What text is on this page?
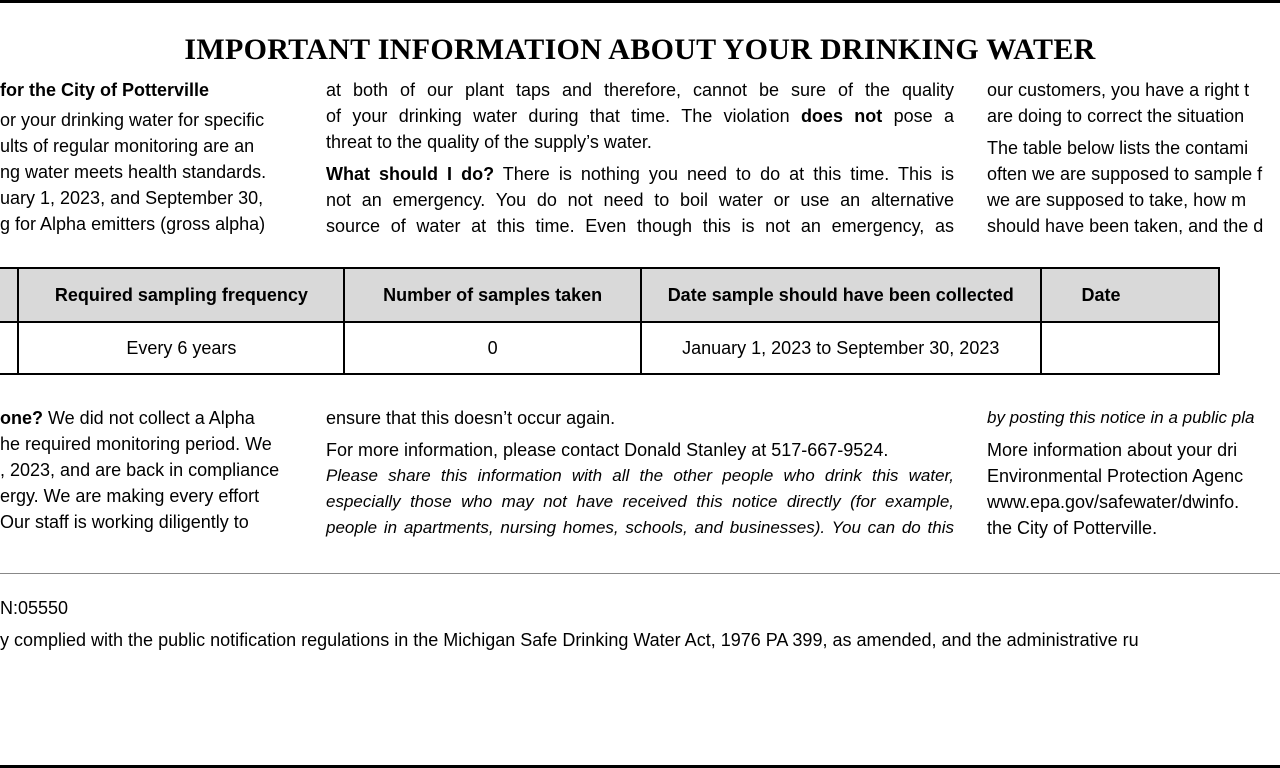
IMPORTANT INFORMATION ABOUT YOUR DRINKING WATER
for the City of Potterville
or your drinking water for specific
ults of regular monitoring are an
ng water meets health standards.
uary 1, 2023, and September 30,
g for Alpha emitters (gross alpha)
at both of our plant taps and therefore, cannot be sure of the quality
of your drinking water during that time. The violation does not pose a
threat to the quality of the supply’s water.
What should I do? There is nothing you need to do at this time. This is
not an emergency. You do not need to boil water or use an alternative
source of water at this time. Even though this is not an emergency, as
our customers, you have a right t
are doing to correct the situation
The table below lists the contami
often we are supposed to sample f
we are supposed to take, how m
should have been taken, and the d
	Required sampling frequency	Number of samples taken	Date sample should have been collected	Date
	Every 6 years	0	January 1, 2023 to September 30, 2023	
one? We did not collect a Alpha
he required monitoring period. We
, 2023, and are back in compliance
ergy. We are making every effort
Our staff is working diligently to
ensure that this doesn’t occur again.
For more information, please contact Donald Stanley at 517-667-9524.
Please share this information with all the other people who drink this water,
especially those who may not have received this notice directly (for example,
people in apartments, nursing homes, schools, and businesses). You can do this
by posting this notice in a public pla
More information about your dri
Environmental Protection Agenc
www.epa.gov/safewater/dwinfo.
the City of Potterville.
N:05550
y complied with the public notification regulations in the Michigan Safe Drinking Water Act, 1976 PA 399, as amended, and the administrative ru
